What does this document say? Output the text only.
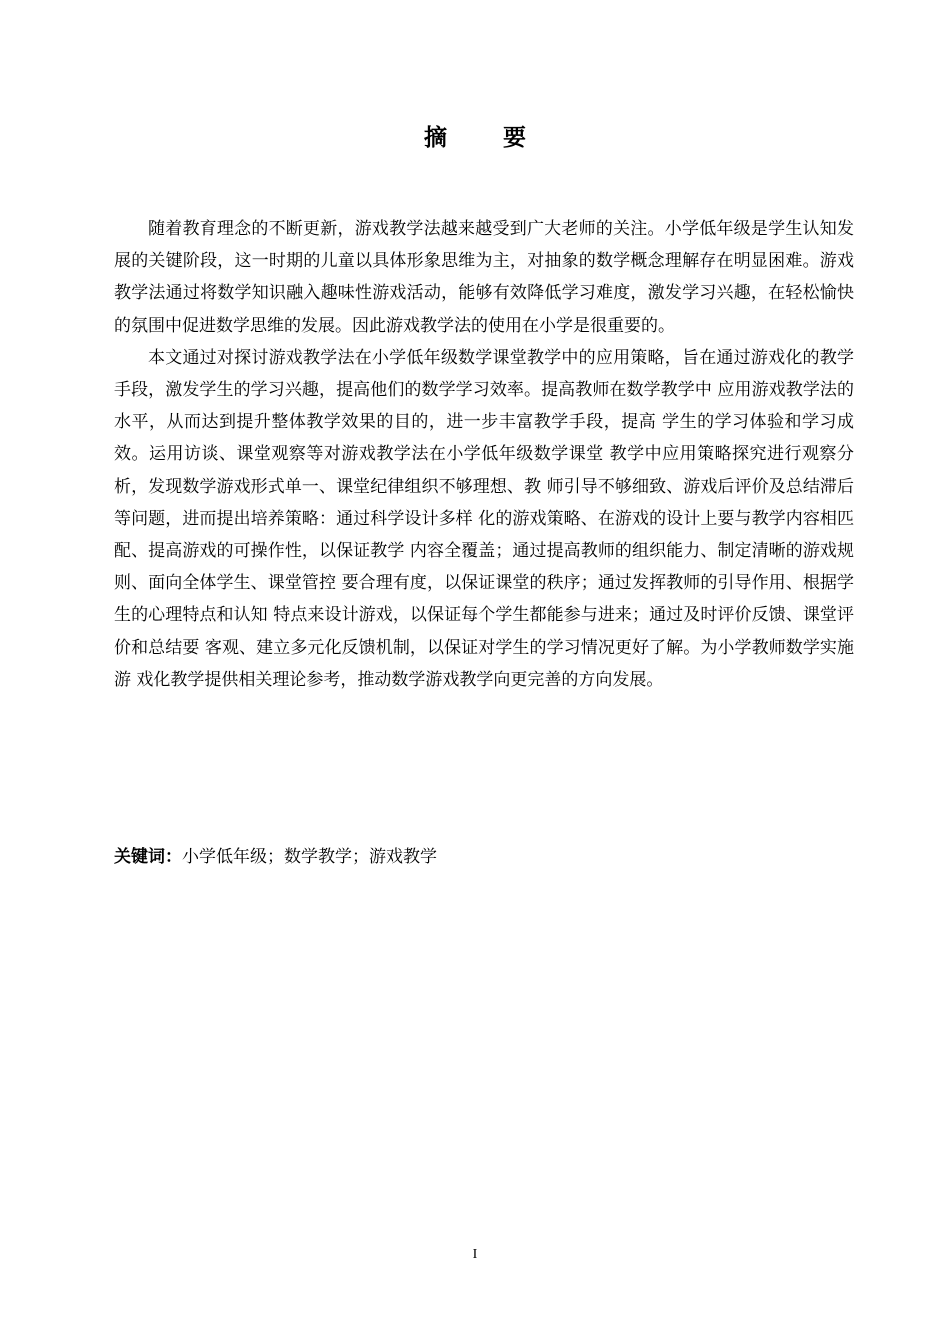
摘 要

随着教育理念的不断更新，游戏教学法越来越受到广大老师的关注。小学低年级是学生认知发展的关键阶段，这一时期的儿童以具体形象思维为主，对抽象的数学概念理解存在明显困难。游戏教学法通过将数学知识融入趣味性游戏活动，能够有效降低学习难度，激发学习兴趣，在轻松愉快的氛围中促进数学思维的发展。因此游戏教学法的使用在小学是很重要的。

本文通过对探讨游戏教学法在小学低年级数学课堂教学中的应用策略，旨在通过游戏化的教学手段，激发学生的学习兴趣，提高他们的数学学习效率。提高教师在数学教学中 应用游戏教学法的水平，从而达到提升整体教学效果的目的，进一步丰富教学手段，提高 学生的学习体验和学习成效。运用访谈、课堂观察等对游戏教学法在小学低年级数学课堂 教学中应用策略探究进行观察分析，发现数学游戏形式单一、课堂纪律组织不够理想、教 师引导不够细致、游戏后评价及总结滞后等问题，进而提出培养策略：通过科学设计多样 化的游戏策略、在游戏的设计上要与教学内容相匹配、提高游戏的可操作性，以保证教学 内容全覆盖；通过提高教师的组织能力、制定清晰的游戏规则、面向全体学生、课堂管控 要合理有度，以保证课堂的秩序；通过发挥教师的引导作用、根据学生的心理特点和认知 特点来设计游戏，以保证每个学生都能参与进来；通过及时评价反馈、课堂评价和总结要 客观、建立多元化反馈机制，以保证对学生的学习情况更好了解。为小学教师数学实施游 戏化教学提供相关理论参考，推动数学游戏教学向更完善的方向发展。

关键词：小学低年级；数学教学；游戏教学
I
